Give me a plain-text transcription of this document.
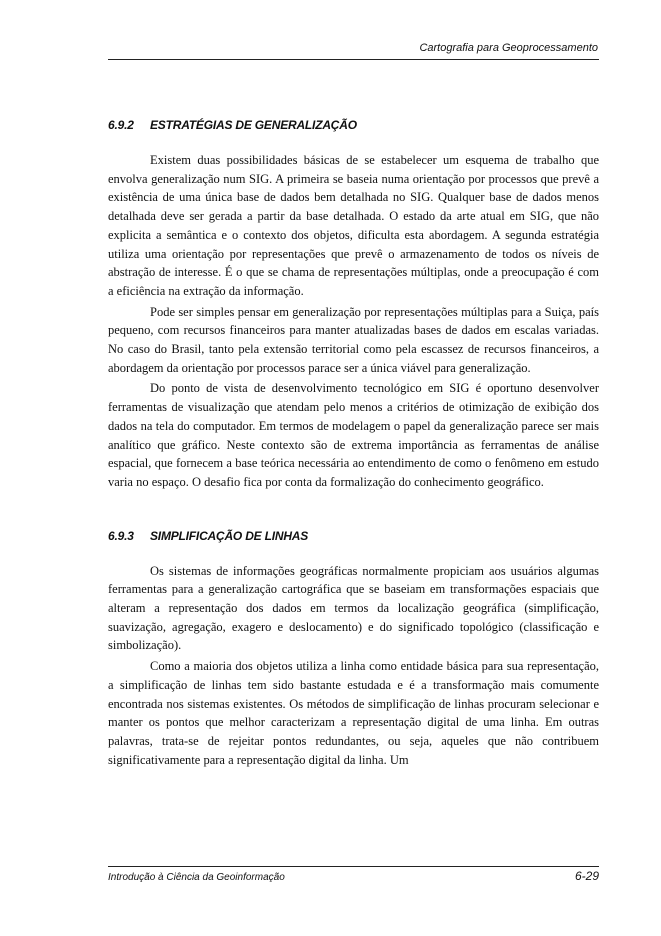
Cartografia para Geoprocessamento
6.9.2 ESTRATÉGIAS DE GENERALIZAÇÃO

Existem duas possibilidades básicas de se estabelecer um esquema de trabalho que envolva generalização num SIG. A primeira se baseia numa orientação por processos que prevê a existência de uma única base de dados bem detalhada no SIG. Qualquer base de dados menos detalhada deve ser gerada a partir da base detalhada. O estado da arte atual em SIG, que não explicita a semântica e o contexto dos objetos, dificulta esta abordagem. A segunda estratégia utiliza uma orientação por representações que prevê o armazenamento de todos os níveis de abstração de interesse. É o que se chama de representações múltiplas, onde a preocupação é com a eficiência na extração da informação.

Pode ser simples pensar em generalização por representações múltiplas para a Suiça, país pequeno, com recursos financeiros para manter atualizadas bases de dados em escalas variadas. No caso do Brasil, tanto pela extensão territorial como pela escassez de recursos financeiros, a abordagem da orientação por processos parace ser a única viável para generalização.

Do ponto de vista de desenvolvimento tecnológico em SIG é oportuno desenvolver ferramentas de visualização que atendam pelo menos a critérios de otimização de exibição dos dados na tela do computador. Em termos de modelagem o papel da generalização parece ser mais analítico que gráfico. Neste contexto são de extrema importância as ferramentas de análise espacial, que fornecem a base teórica necessária ao entendimento de como o fenômeno em estudo varia no espaço. O desafio fica por conta da formalização do conhecimento geográfico.

6.9.3 SIMPLIFICAÇÃO DE LINHAS

Os sistemas de informações geográficas normalmente propiciam aos usuários algumas ferramentas para a generalização cartográfica que se baseiam em transformações espaciais que alteram a representação dos dados em termos da localização geográfica (simplificação, suavização, agregação, exagero e deslocamento) e do significado topológico (classificação e simbolização).

Como a maioria dos objetos utiliza a linha como entidade básica para sua representação, a simplificação de linhas tem sido bastante estudada e é a transformação mais comumente encontrada nos sistemas existentes. Os métodos de simplificação de linhas procuram selecionar e manter os pontos que melhor caracterizam a representação digital de uma linha. Em outras palavras, trata-se de rejeitar pontos redundantes, ou seja, aqueles que não contribuem significativamente para a representação digital da linha. Um

Introdução à Ciência da Geoinformação	6-29
